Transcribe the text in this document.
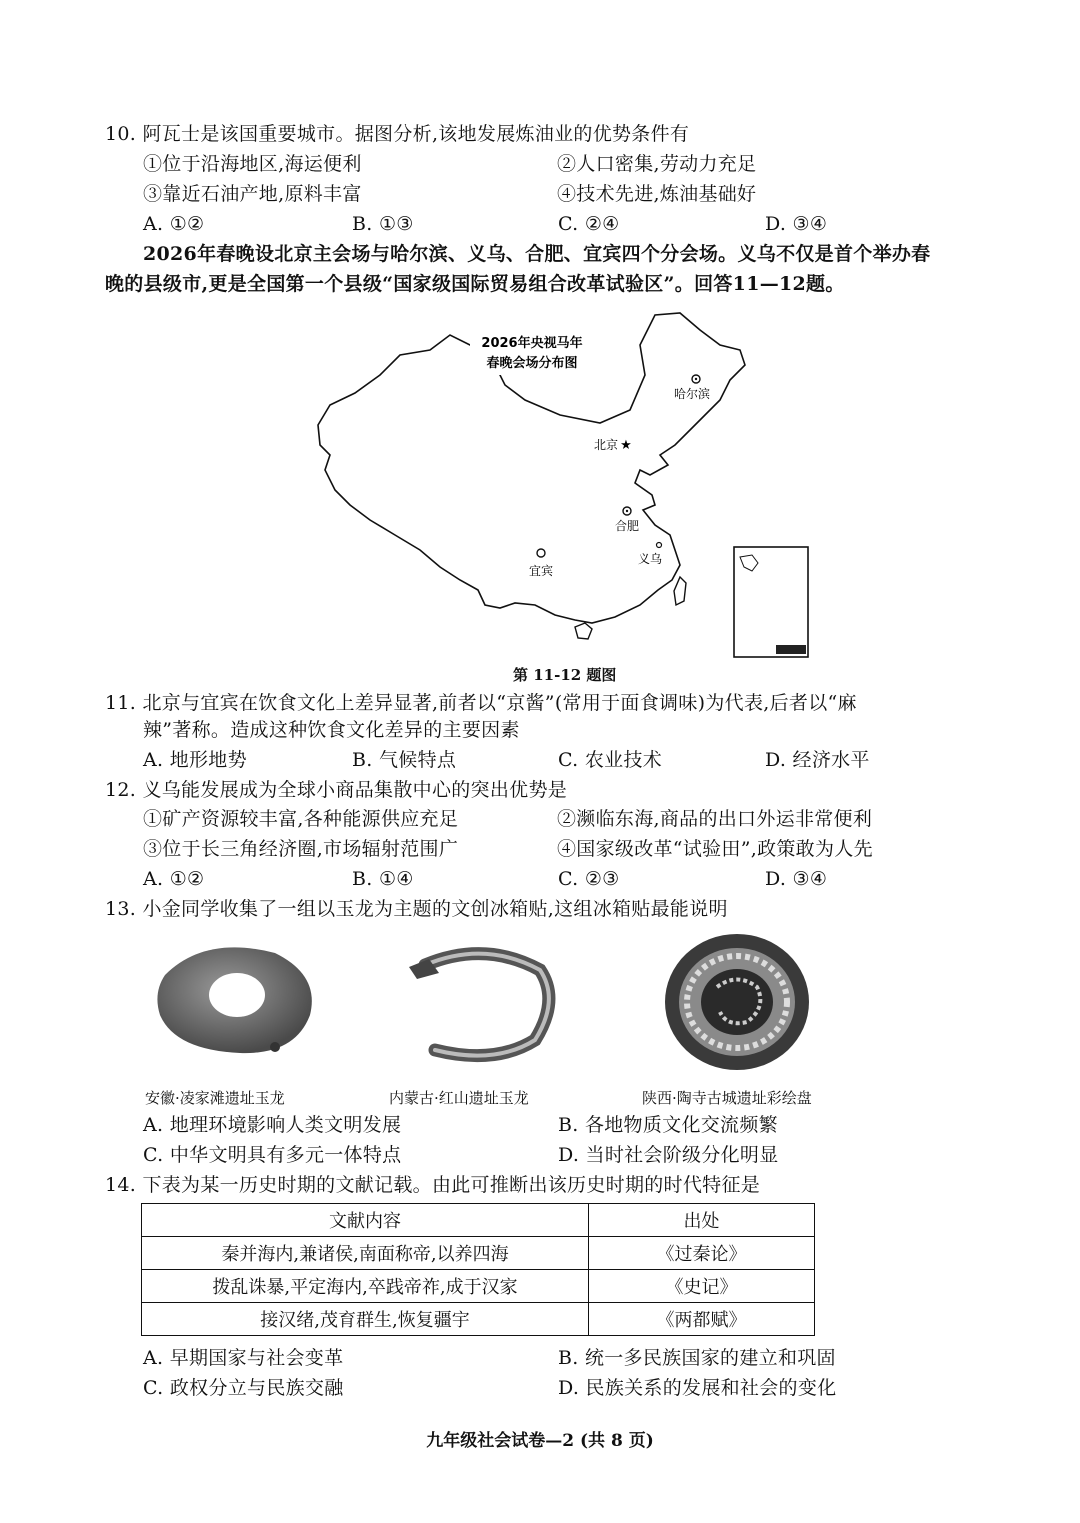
10. 阿瓦士是该国重要城市。据图分析,该地发展炼油业的优势条件有
①位于沿海地区,海运便利	②人口密集,劳动力充足
③靠近石油产地,原料丰富	④技术先进,炼油基础好
A. ①②	B. ①③	C. ②④	D. ③④
2026年春晚设北京主会场与哈尔滨、义乌、合肥、宜宾四个分会场。义乌不仅是首个举办春
晚的县级市,更是全国第一个县级“国家级国际贸易组合改革试验区”。回答11—12题。
2026年央视马年
春晚会场分布图
哈尔滨
北京 ★
合肥
义乌
宜宾
第 11-12 题图
11. 北京与宜宾在饮食文化上差异显著,前者以“京酱”(常用于面食调味)为代表,后者以“麻
辣”著称。造成这种饮食文化差异的主要因素
A. 地形地势	B. 气候特点	C. 农业技术	D. 经济水平
12. 义乌能发展成为全球小商品集散中心的突出优势是
①矿产资源较丰富,各种能源供应充足	②濒临东海,商品的出口外运非常便利
③位于长三角经济圈,市场辐射范围广	④国家级改革“试验田”,政策敢为人先
A. ①②	B. ①④	C. ②③	D. ③④
13. 小金同学收集了一组以玉龙为主题的文创冰箱贴,这组冰箱贴最能说明
安徽·凌家滩遗址玉龙	内蒙古·红山遗址玉龙	陕西·陶寺古城遗址彩绘盘
A. 地理环境影响人类文明发展	B. 各地物质文化交流频繁
C. 中华文明具有多元一体特点	D. 当时社会阶级分化明显
14. 下表为某一历史时期的文献记载。由此可推断出该历史时期的时代特征是
文献内容	出处
秦并海内,兼诸侯,南面称帝,以养四海	《过秦论》
拨乱诛暴,平定海内,卒践帝祚,成于汉家	《史记》
接汉绪,茂育群生,恢复疆宇	《两都赋》
A. 早期国家与社会变革	B. 统一多民族国家的建立和巩固
C. 政权分立与民族交融	D. 民族关系的发展和社会的变化
九年级社会试卷—2 (共 8 页)
